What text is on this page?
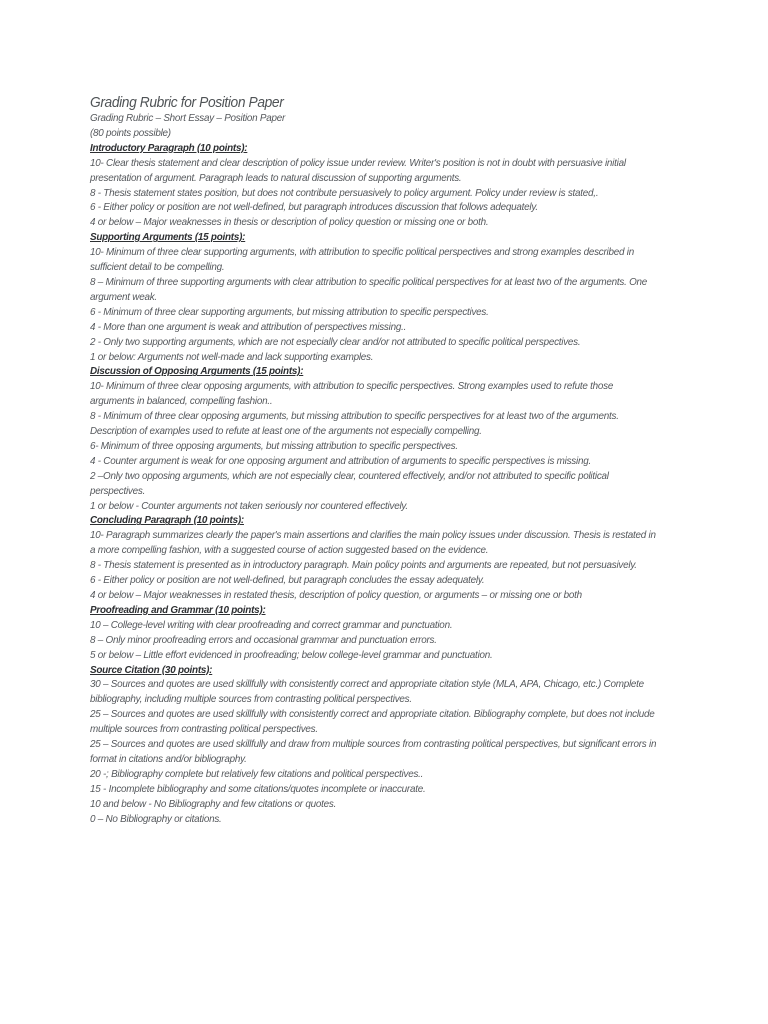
Grading Rubric for Position Paper
Grading Rubric – Short Essay – Position Paper
(80 points possible)
Introductory Paragraph (10 points):
10- Clear thesis statement and clear description of policy issue under review. Writer's position is not in doubt with persuasive initial presentation of argument. Paragraph leads to natural discussion of supporting arguments.
8 - Thesis statement states position, but does not contribute persuasively to policy argument. Policy under review is stated,.
6 - Either policy or position are not well-defined, but paragraph introduces discussion that follows adequately.
4 or below – Major weaknesses in thesis or description of policy question or missing one or both.
Supporting Arguments (15 points):
10- Minimum of three clear supporting arguments, with attribution to specific political perspectives and strong examples described in sufficient detail to be compelling.
8 – Minimum of three supporting arguments with clear attribution to specific political perspectives for at least two of the arguments. One argument weak.
6 - Minimum of three clear supporting arguments, but missing attribution to specific perspectives.
4 - More than one argument is weak and attribution of perspectives missing..
2 - Only two supporting arguments, which are not especially clear and/or not attributed to specific political perspectives.
1 or below: Arguments not well-made and lack supporting examples.
Discussion of Opposing Arguments (15 points):
10- Minimum of three clear opposing arguments, with attribution to specific perspectives. Strong examples used to refute those arguments in balanced, compelling fashion..
8 - Minimum of three clear opposing arguments, but missing attribution to specific perspectives for at least two of the arguments. Description of examples used to refute at least one of the arguments not especially compelling.
6- Minimum of three opposing arguments, but missing attribution to specific perspectives.
4 - Counter argument is weak for one opposing argument and attribution of arguments to specific perspectives is missing.
2 –Only two opposing arguments, which are not especially clear, countered effectively, and/or not attributed to specific political perspectives.
1 or below - Counter arguments not taken seriously nor countered effectively.
Concluding Paragraph (10 points):
10- Paragraph summarizes clearly the paper's main assertions and clarifies the main policy issues under discussion. Thesis is restated in a more compelling fashion, with a suggested course of action suggested based on the evidence.
8 - Thesis statement is presented as in introductory paragraph. Main policy points and arguments are repeated, but not persuasively.
6 - Either policy or position are not well-defined, but paragraph concludes the essay adequately.
4 or below – Major weaknesses in restated thesis, description of policy question, or arguments – or missing one or both
Proofreading and Grammar (10 points):
10 – College-level writing with clear proofreading and correct grammar and punctuation.
8 – Only minor proofreading errors and occasional grammar and punctuation errors.
5 or below – Little effort evidenced in proofreading; below college-level grammar and punctuation.
Source Citation (30 points):
30 – Sources and quotes are used skillfully with consistently correct and appropriate citation style (MLA, APA, Chicago, etc.) Complete bibliography, including multiple sources from contrasting political perspectives.
25 – Sources and quotes are used skillfully with consistently correct and appropriate citation. Bibliography complete, but does not include multiple sources from contrasting political perspectives.
25 – Sources and quotes are used skillfully and draw from multiple sources from contrasting political perspectives, but significant errors in format in citations and/or bibliography.
20 -; Bibliography complete but relatively few citations and political perspectives..
15 - Incomplete bibliography and some citations/quotes incomplete or inaccurate.
10 and below - No Bibliography and few citations or quotes.
0 – No Bibliography or citations.
